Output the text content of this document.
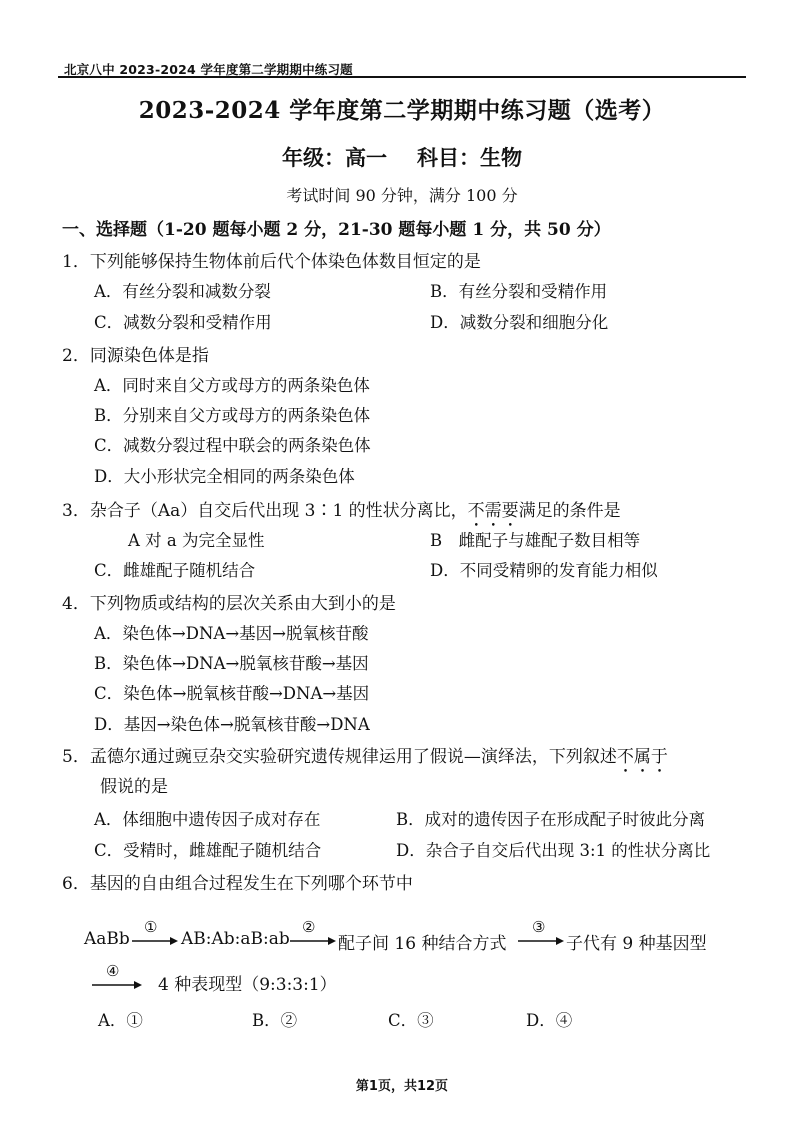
北京八中 2023-2024 学年度第二学期期中练习题
2023-2024 学年度第二学期期中练习题（选考）
年级：高一 科目：生物
考试时间 90 分钟，满分 100 分
一、选择题（1-20 题每小题 2 分，21-30 题每小题 1 分，共 50 分）
1．下列能够保持生物体前后代个体染色体数目恒定的是
A．有丝分裂和减数分裂	B．有丝分裂和受精作用
C．减数分裂和受精作用	D．减数分裂和细胞分化
2．同源染色体是指
A．同时来自父方或母方的两条染色体
B．分别来自父方或母方的两条染色体
C．减数分裂过程中联会的两条染色体
D．大小形状完全相同的两条染色体
3．杂合子（Aa）自交后代出现 3∶1 的性状分离比，不需要满足的条件是
A 对 a 为完全显性	B　雌配子与雄配子数目相等
C．雌雄配子随机结合	D．不同受精卵的发育能力相似
4．下列物质或结构的层次关系由大到小的是
A．染色体→DNA→基因→脱氧核苷酸
B．染色体→DNA→脱氧核苷酸→基因
C．染色体→脱氧核苷酸→DNA→基因
D．基因→染色体→脱氧核苷酸→DNA
5．孟德尔通过豌豆杂交实验研究遗传规律运用了假说—演绎法，下列叙述不属于
假说的是
A．体细胞中遗传因子成对存在	B．成对的遗传因子在形成配子时彼此分离
C．受精时，雌雄配子随机结合	D．杂合子自交后代出现 3:1 的性状分离比
6．基因的自由组合过程发生在下列哪个环节中
AaBb
①
AB:Ab:aB:ab
②
配子间 16 种结合方式
③
子代有 9 种基因型
④
4 种表现型（9:3:3:1）
A．①	B．②	C．③	D．④
第1页，共12页
